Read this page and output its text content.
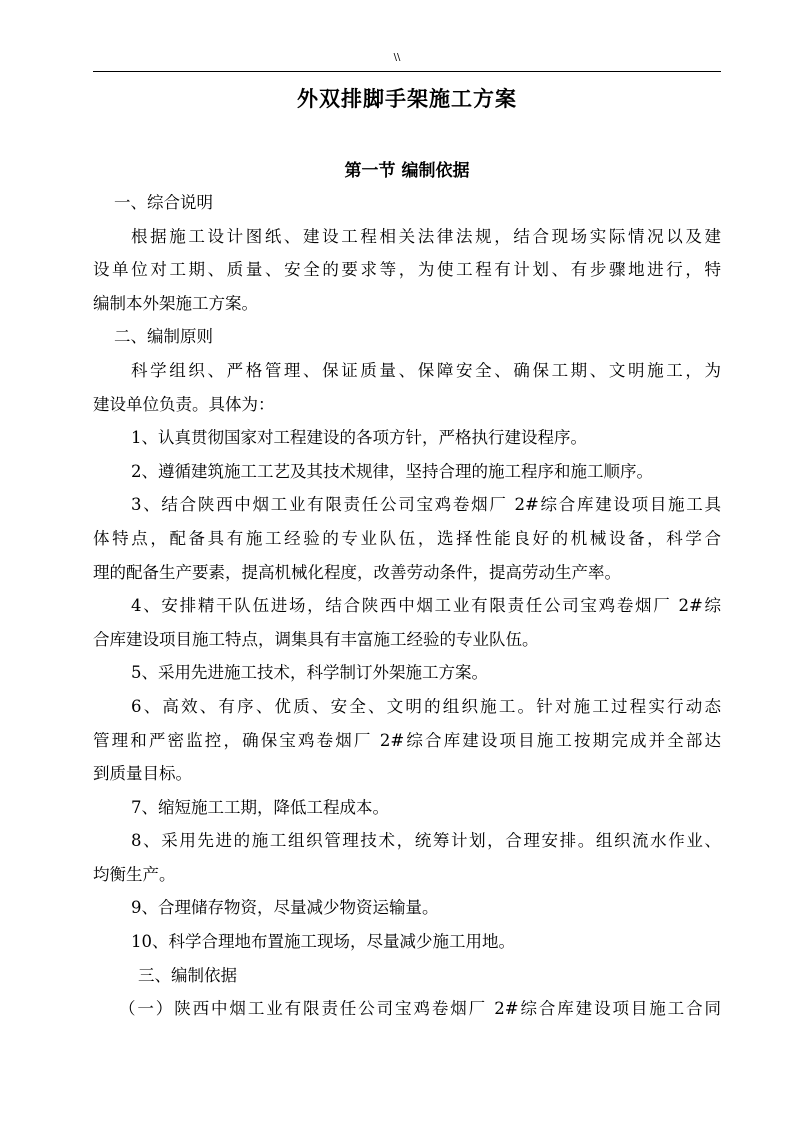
\\
外双排脚手架施工方案
第一节 编制依据
一、综合说明
根据施工设计图纸、建设工程相关法律法规，结合现场实际情况以及建
设单位对工期、质量、安全的要求等，为使工程有计划、有步骤地进行，特
编制本外架施工方案。
二、编制原则
科学组织、严格管理、保证质量、保障安全、确保工期、文明施工，为
建设单位负责。具体为：
1、认真贯彻国家对工程建设的各项方针，严格执行建设程序。
2、遵循建筑施工工艺及其技术规律，坚持合理的施工程序和施工顺序。
3、结合陕西中烟工业有限责任公司宝鸡卷烟厂 2#综合库建设项目施工具
体特点，配备具有施工经验的专业队伍，选择性能良好的机械设备，科学合
理的配备生产要素，提高机械化程度，改善劳动条件，提高劳动生产率。
4、安排精干队伍进场，结合陕西中烟工业有限责任公司宝鸡卷烟厂 2#综
合库建设项目施工特点，调集具有丰富施工经验的专业队伍。
5、采用先进施工技术，科学制订外架施工方案。
6、高效、有序、优质、安全、文明的组织施工。针对施工过程实行动态
管理和严密监控，确保宝鸡卷烟厂 2#综合库建设项目施工按期完成并全部达
到质量目标。
7、缩短施工工期，降低工程成本。
8、采用先进的施工组织管理技术，统筹计划，合理安排。组织流水作业、
均衡生产。
9、合理储存物资，尽量减少物资运输量。
10、科学合理地布置施工现场，尽量减少施工用地。
三、编制依据
（一）陕西中烟工业有限责任公司宝鸡卷烟厂 2#综合库建设项目施工合同
